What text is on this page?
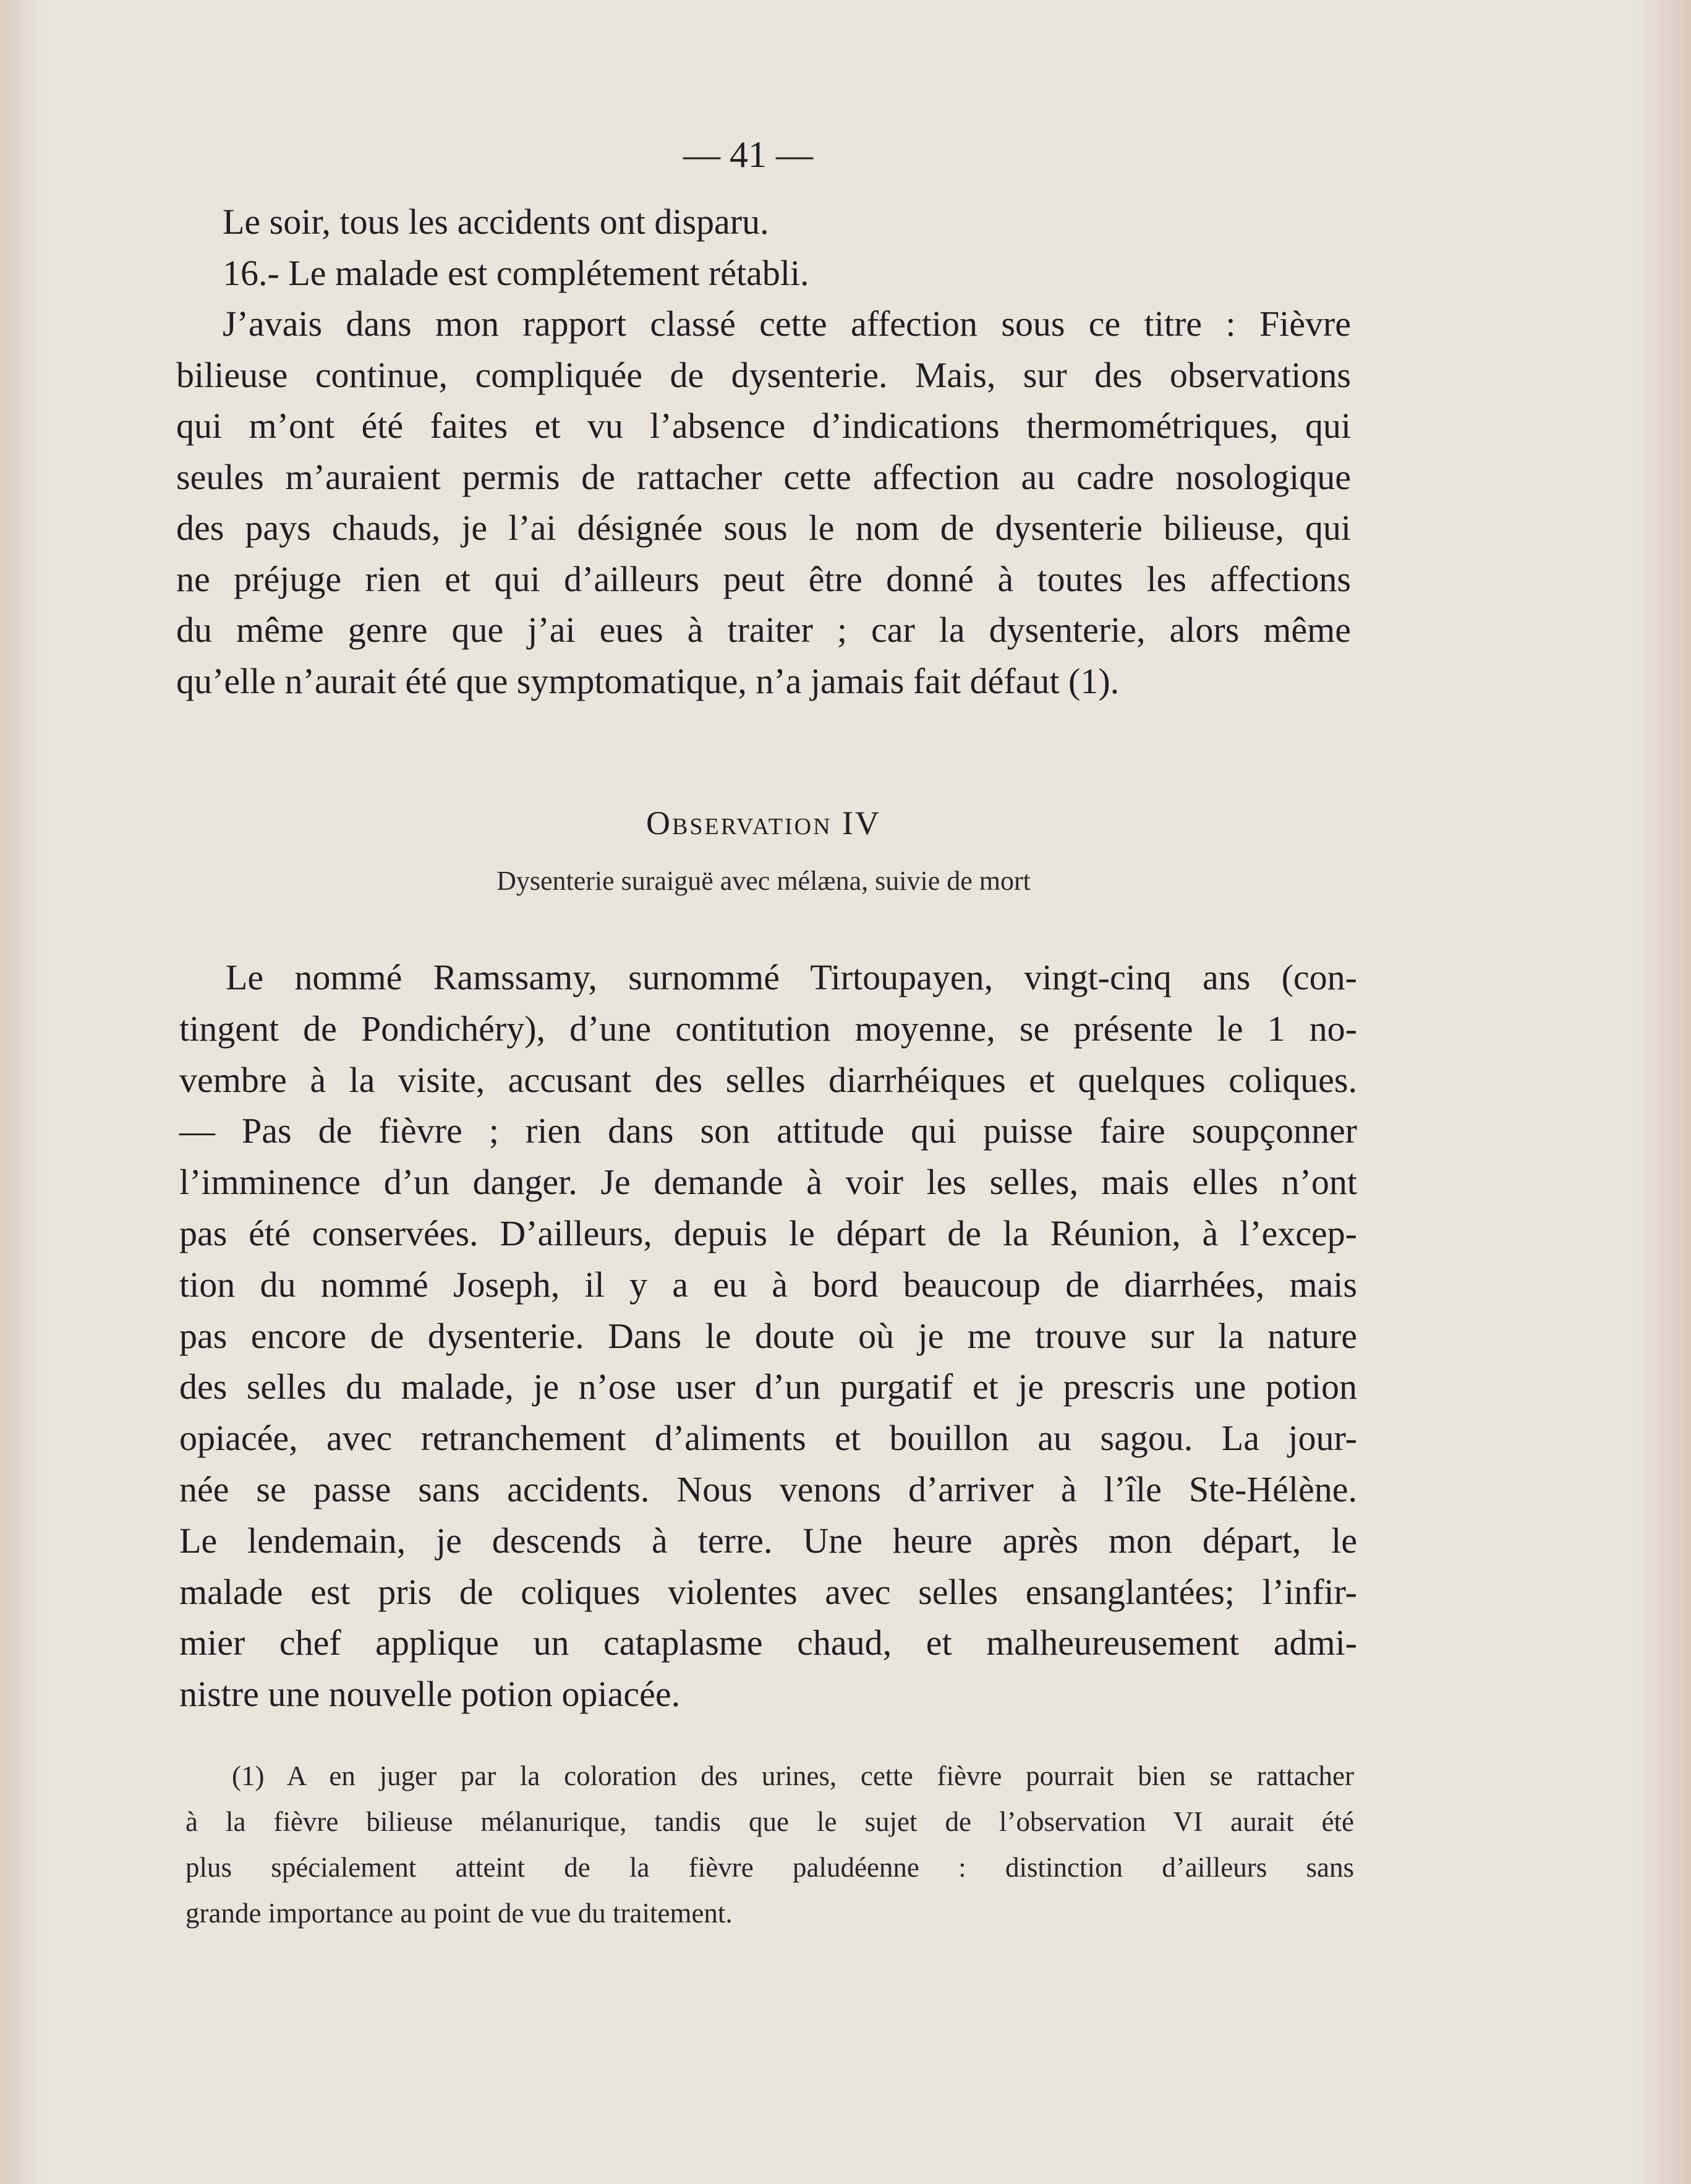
— 41 —
Le soir, tous les accidents ont disparu.
16.- Le malade est complétement rétabli.
J’avais dans mon rapport classé cette affection sous ce titre : Fièvre
bilieuse continue, compliquée de dysenterie. Mais, sur des observations
qui m’ont été faites et vu l’absence d’indications thermométriques, qui
seules m’auraient permis de rattacher cette affection au cadre nosologique
des pays chauds, je l’ai désignée sous le nom de dysenterie bilieuse, qui
ne préjuge rien et qui d’ailleurs peut être donné à toutes les affections
du même genre que j’ai eues à traiter ; car la dysenterie, alors même
qu’elle n’aurait été que symptomatique, n’a jamais fait défaut (1).
Observation IV
Dysenterie suraiguë avec mélæna, suivie de mort
Le nommé Ramssamy, surnommé Tirtoupayen, vingt-cinq ans (con-
tingent de Pondichéry), d’une contitution moyenne, se présente le 1 no-
vembre à la visite, accusant des selles diarrhéiques et quelques coliques.
— Pas de fièvre ; rien dans son attitude qui puisse faire soupçonner
l’imminence d’un danger. Je demande à voir les selles, mais elles n’ont
pas été conservées. D’ailleurs, depuis le départ de la Réunion, à l’excep-
tion du nommé Joseph, il y a eu à bord beaucoup de diarrhées, mais
pas encore de dysenterie. Dans le doute où je me trouve sur la nature
des selles du malade, je n’ose user d’un purgatif et je prescris une potion
opiacée, avec retranchement d’aliments et bouillon au sagou. La jour-
née se passe sans accidents. Nous venons d’arriver à l’île Ste-Hélène.
Le lendemain, je descends à terre. Une heure après mon départ, le
malade est pris de coliques violentes avec selles ensanglantées; l’infir-
mier chef applique un cataplasme chaud, et malheureusement admi-
nistre une nouvelle potion opiacée.
(1) A en juger par la coloration des urines, cette fièvre pourrait bien se rattacher
à la fièvre bilieuse mélanurique, tandis que le sujet de l’observation VI aurait été
plus spécialement atteint de la fièvre paludéenne : distinction d’ailleurs sans
grande importance au point de vue du traitement.
